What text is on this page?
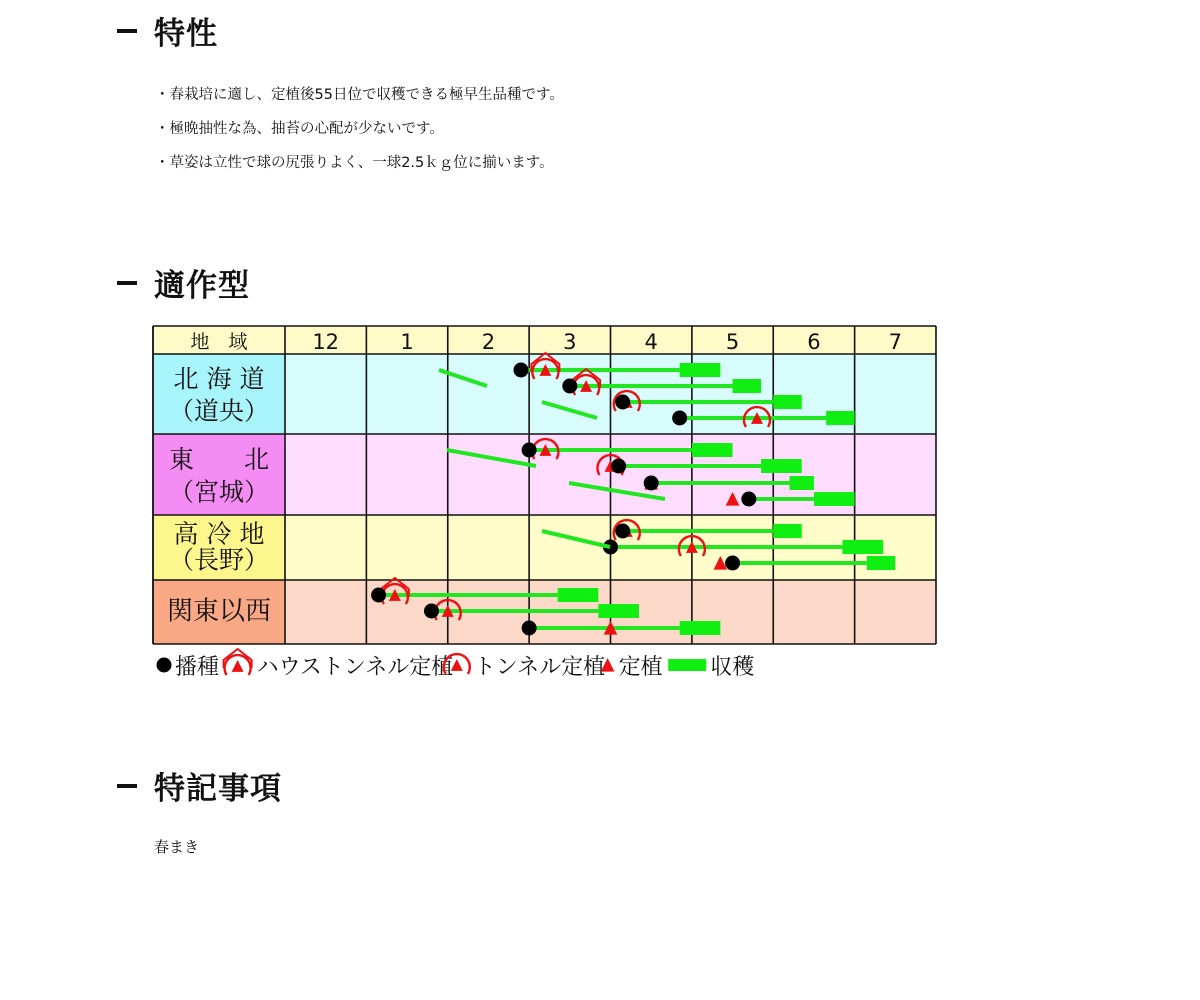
特性
・春栽培に適し、定植後55日位で収穫できる極早生品種です。
・極晩抽性な為、抽苔の心配が少ないです。
・草姿は立性で球の尻張りよく、一球2.5ｋｇ位に揃います。
適作型
地　域	12	1	2	3	4	5	6	7
北 海 道
（道央）
東　　北
（宮城）
高 冷 地
（長野）
関東以西
播種 ハウストンネル定植 トンネル定植 定植 収穫
特記事項
春まき
